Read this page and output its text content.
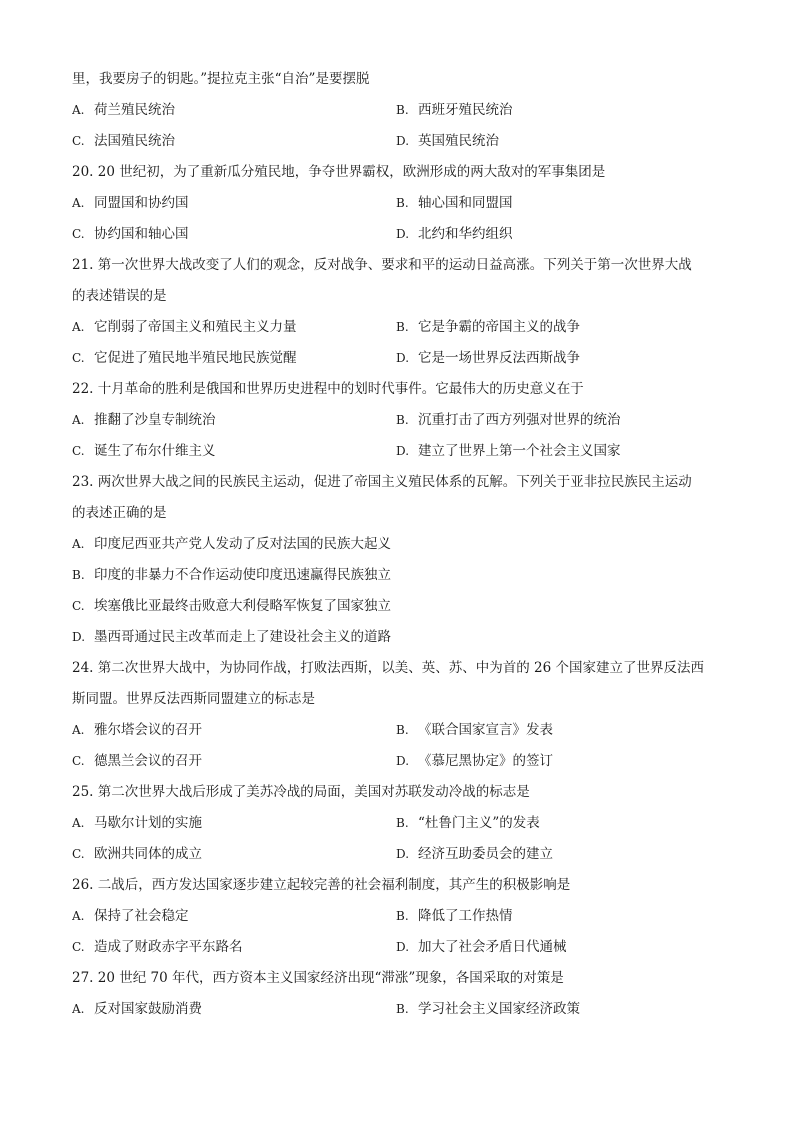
里，我要房子的钥匙。”提拉克主张“自治”是要摆脱
A. 荷兰殖民统治	B. 西班牙殖民统治
C. 法国殖民统治	D. 英国殖民统治
20. 20 世纪初，为了重新瓜分殖民地，争夺世界霸权，欧洲形成的两大敌对的军事集团是
A. 同盟国和协约国	B. 轴心国和同盟国
C. 协约国和轴心国	D. 北约和华约组织
21. 第一次世界大战改变了人们的观念，反对战争、要求和平的运动日益高涨。下列关于第一次世界大战
的表述错误的是
A. 它削弱了帝国主义和殖民主义力量	B. 它是争霸的帝国主义的战争
C. 它促进了殖民地半殖民地民族觉醒	D. 它是一场世界反法西斯战争
22. 十月革命的胜利是俄国和世界历史进程中的划时代事件。它最伟大的历史意义在于
A. 推翻了沙皇专制统治	B. 沉重打击了西方列强对世界的统治
C. 诞生了布尔什维主义	D. 建立了世界上第一个社会主义国家
23. 两次世界大战之间的民族民主运动，促进了帝国主义殖民体系的瓦解。下列关于亚非拉民族民主运动
的表述正确的是
A. 印度尼西亚共产党人发动了反对法国的民族大起义
B. 印度的非暴力不合作运动使印度迅速赢得民族独立
C. 埃塞俄比亚最终击败意大利侵略军恢复了国家独立
D. 墨西哥通过民主改革而走上了建设社会主义的道路
24. 第二次世界大战中，为协同作战，打败法西斯，以美、英、苏、中为首的 26 个国家建立了世界反法西
斯同盟。世界反法西斯同盟建立的标志是
A. 雅尔塔会议的召开	B. 《联合国家宣言》发表
C. 德黑兰会议的召开	D. 《慕尼黑协定》的签订
25. 第二次世界大战后形成了美苏冷战的局面，美国对苏联发动冷战的标志是
A. 马歇尔计划的实施	B. “杜鲁门主义”的发表
C. 欧洲共同体的成立	D. 经济互助委员会的建立
26. 二战后，西方发达国家逐步建立起较完善的社会福利制度，其产生的积极影响是
A. 保持了社会稳定	B. 降低了工作热情
C. 造成了财政赤字平东路名	D. 加大了社会矛盾日代通械
27. 20 世纪 70 年代，西方资本主义国家经济出现“滞涨”现象，各国采取的对策是
A. 反对国家鼓励消费	B. 学习社会主义国家经济政策
